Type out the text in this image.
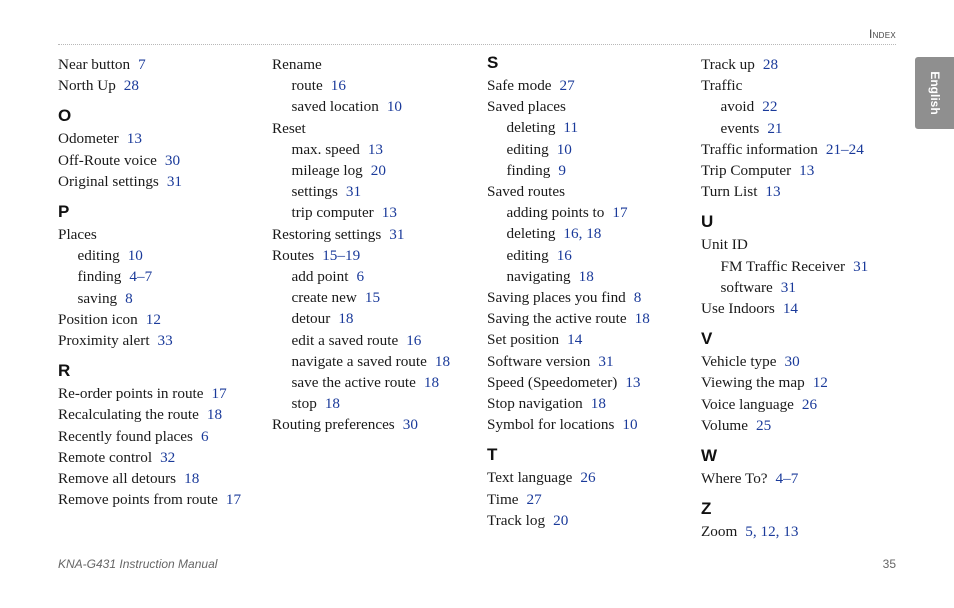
Index
English
Near button 7
North Up 28
O
Odometer 13
Off-Route voice 30
Original settings 31
P
Places
editing 10
finding 4–7
saving 8
Position icon 12
Proximity alert 33
R
Re-order points in route 17
Recalculating the route 18
Recently found places 6
Remote control 32
Remove all detours 18
Remove points from route 17
Rename
route 16
saved location 10
Reset
max. speed 13
mileage log 20
settings 31
trip computer 13
Restoring settings 31
Routes 15–19
add point 6
create new 15
detour 18
edit a saved route 16
navigate a saved route 18
save the active route 18
stop 18
Routing preferences 30
S
Safe mode 27
Saved places
deleting 11
editing 10
finding 9
Saved routes
adding points to 17
deleting 16, 18
editing 16
navigating 18
Saving places you find 8
Saving the active route 18
Set position 14
Software version 31
Speed (Speedometer) 13
Stop navigation 18
Symbol for locations 10
T
Text language 26
Time 27
Track log 20
Track up 28
Traffic
avoid 22
events 21
Traffic information 21–24
Trip Computer 13
Turn List 13
U
Unit ID
FM Traffic Receiver 31
software 31
Use Indoors 14
V
Vehicle type 30
Viewing the map 12
Voice language 26
Volume 25
W
Where To? 4–7
Z
Zoom 5, 12, 13
KNA-G431 Instruction Manual	35
